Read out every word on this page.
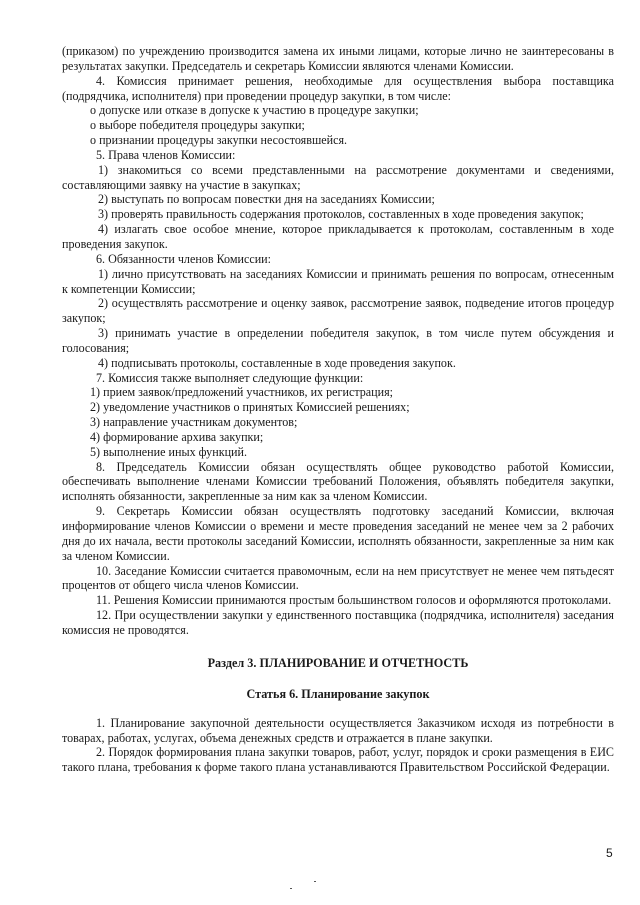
(приказом) по учреждению производится замена их иными лицами, которые лично не заинтересованы в результатах закупки. Председатель и секретарь Комиссии являются членами Комиссии.

4. Комиссия принимает решения, необходимые для осуществления выбора поставщика (подрядчика, исполнителя) при проведении процедур закупки, в том числе:

о допуске или отказе в допуске к участию в процедуре закупки;

о выборе победителя процедуры закупки;

о признании процедуры закупки несостоявшейся.

5. Права членов Комиссии:

1) знакомиться со всеми представленными на рассмотрение документами и сведениями, составляющими заявку на участие в закупках;

2) выступать по вопросам повестки дня на заседаниях Комиссии;

3) проверять правильность содержания протоколов, составленных в ходе проведения закупок;

4) излагать свое особое мнение, которое прикладывается к протоколам, составленным в ходе проведения закупок.

6. Обязанности членов Комиссии:

1) лично присутствовать на заседаниях Комиссии и принимать решения по вопросам, отнесенным к компетенции Комиссии;

2) осуществлять рассмотрение и оценку заявок, рассмотрение заявок, подведение итогов процедур закупок;

3) принимать участие в определении победителя закупок, в том числе путем обсуждения и голосования;

4) подписывать протоколы, составленные в ходе проведения закупок.

7. Комиссия также выполняет следующие функции:

1) прием заявок/предложений участников, их регистрация;

2) уведомление участников о принятых Комиссией решениях;

3) направление участникам документов;

4) формирование архива закупки;

5) выполнение иных функций.

8. Председатель Комиссии обязан осуществлять общее руководство работой Комиссии, обеспечивать выполнение членами Комиссии требований Положения, объявлять победителя закупки, исполнять обязанности, закрепленные за ним как за членом Комиссии.

9. Секретарь Комиссии обязан осуществлять подготовку заседаний Комиссии, включая информирование членов Комиссии о времени и месте проведения заседаний не менее чем за 2 рабочих дня до их начала, вести протоколы заседаний Комиссии, исполнять обязанности, закрепленные за ним как за членом Комиссии.

10. Заседание Комиссии считается правомочным, если на нем присутствует не менее чем пятьдесят процентов от общего числа членов Комиссии.

11. Решения Комиссии принимаются простым большинством голосов и оформляются протоколами.

12. При осуществлении закупки у единственного поставщика (подрядчика, исполнителя) заседания комиссия не проводятся.

Раздел 3. ПЛАНИРОВАНИЕ И ОТЧЕТНОСТЬ
Статья 6. Планирование закупок

1. Планирование закупочной деятельности осуществляется Заказчиком исходя из потребности в товарах, работах, услугах, объема денежных средств и отражается в плане закупки.

2. Порядок формирования плана закупки товаров, работ, услуг, порядок и сроки размещения в ЕИС такого плана, требования к форме такого плана устанавливаются Правительством Российской Федерации.

5
